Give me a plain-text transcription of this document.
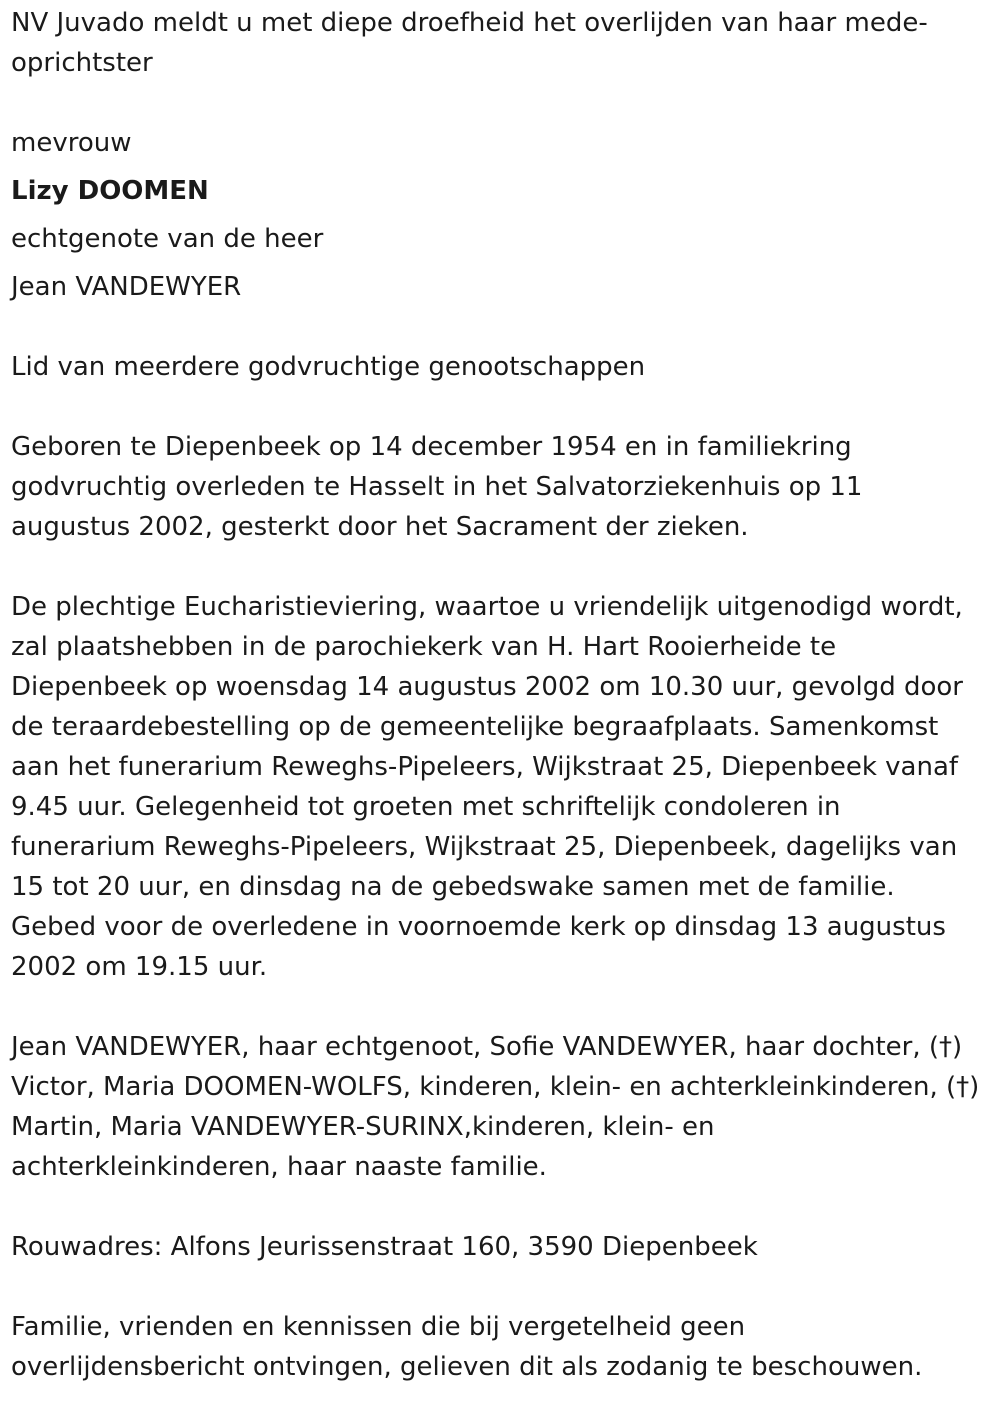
NV Juvado meldt u met diepe droefheid het overlijden van haar mede-oprichtster

mevrouw

Lizy DOOMEN

echtgenote van de heer

Jean VANDEWYER

Lid van meerdere godvruchtige genootschappen

Geboren te Diepenbeek op 14 december 1954 en in familiekring godvruchtig overleden te Hasselt in het Salvatorziekenhuis op 11 augustus 2002, gesterkt door het Sacrament der zieken.

De plechtige Eucharistieviering, waartoe u vriendelijk uitgenodigd wordt, zal plaatshebben in de parochiekerk van H. Hart Rooierheide te Diepenbeek op woensdag 14 augustus 2002 om 10.30 uur, gevolgd door de teraardebestelling op de gemeentelijke begraafplaats. Samenkomst aan het funerarium Reweghs-Pipeleers, Wijkstraat 25, Diepenbeek vanaf 9.45 uur. Gelegenheid tot groeten met schriftelijk condoleren in funerarium Reweghs-Pipeleers, Wijkstraat 25, Diepenbeek, dagelijks van 15 tot 20 uur, en dinsdag na de gebedswake samen met de familie. Gebed voor de overledene in voornoemde kerk op dinsdag 13 augustus 2002 om 19.15 uur.

Jean VANDEWYER, haar echtgenoot, Sofie VANDEWYER, haar dochter, (†) Victor, Maria DOOMEN-WOLFS, kinderen, klein- en achterkleinkinderen, (†) Martin, Maria VANDEWYER-SURINX,kinderen, klein- en achterkleinkinderen, haar naaste familie.

Rouwadres: Alfons Jeurissenstraat 160, 3590 Diepenbeek

Familie, vrienden en kennissen die bij vergetelheid geen overlijdensbericht ontvingen, gelieven dit als zodanig te beschouwen.
